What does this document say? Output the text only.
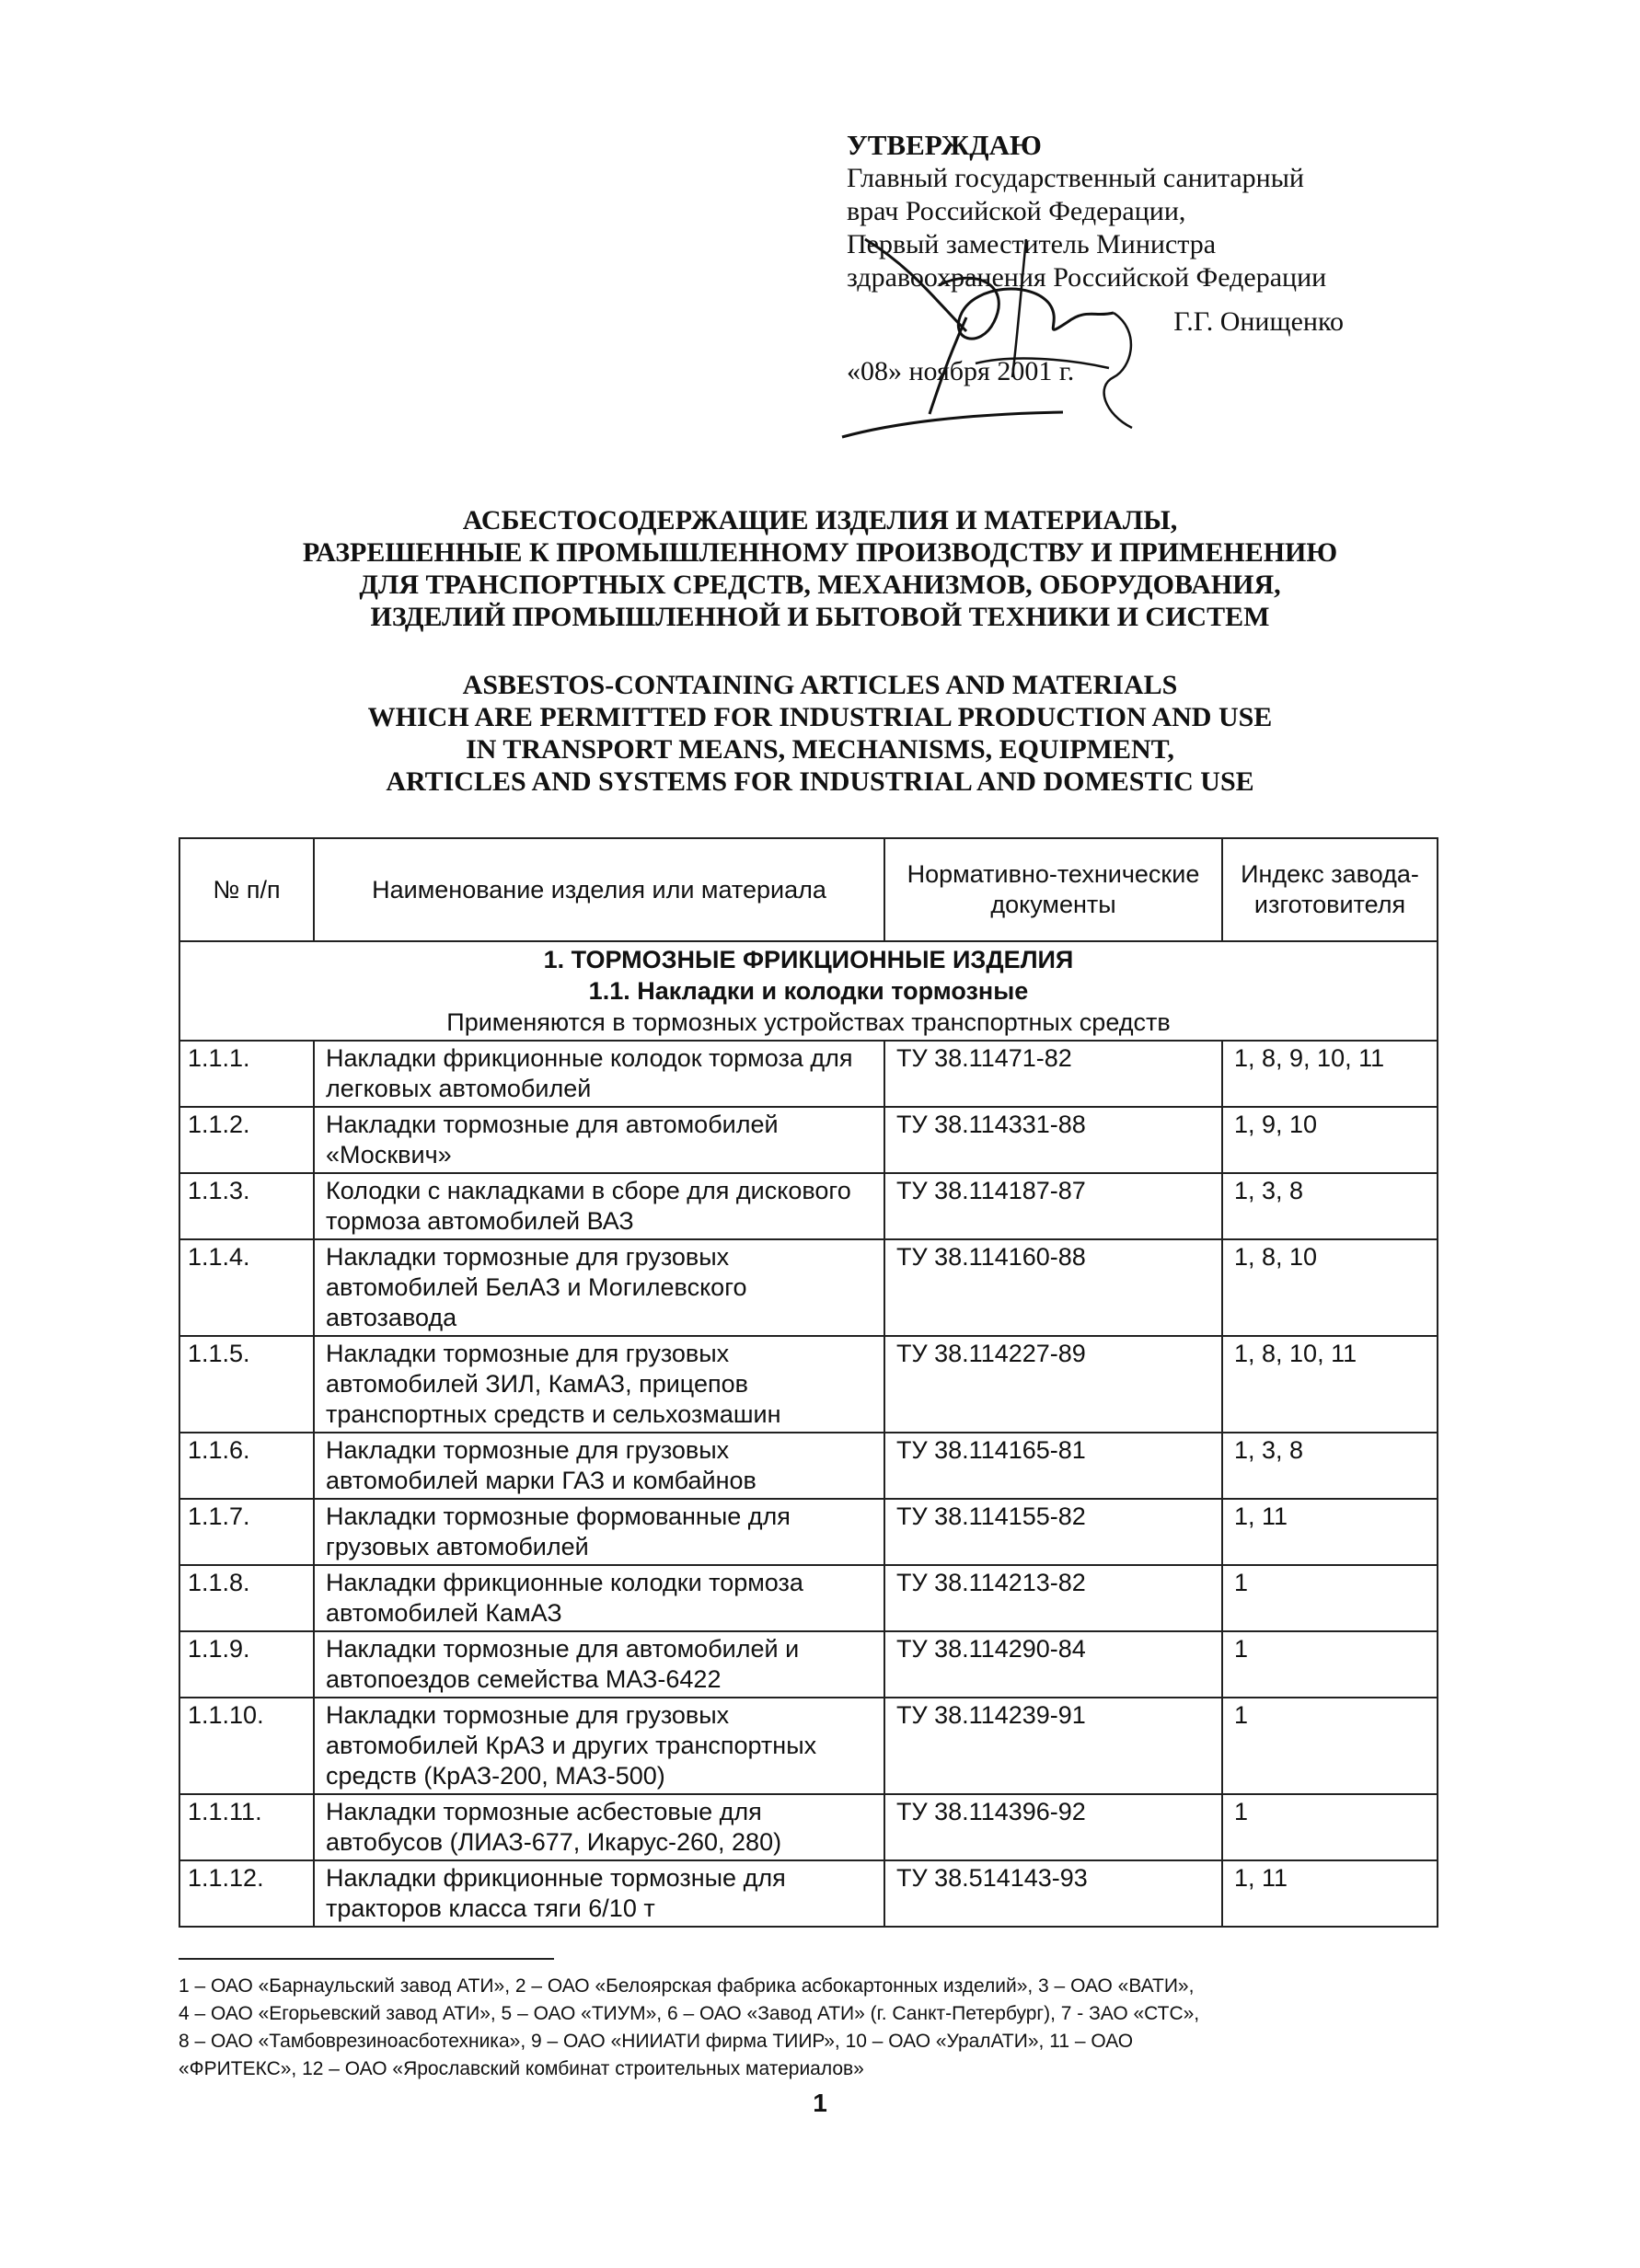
УТВЕРЖДАЮ
Главный государственный санитарный
врач Российской Федерации,
Первый заместитель Министра
здравоохранения Российской Федерации
Г.Г. Онищенко
«08» ноября 2001 г.
АСБЕСТОСОДЕРЖАЩИЕ ИЗДЕЛИЯ И МАТЕРИАЛЫ,
РАЗРЕШЕННЫЕ К ПРОМЫШЛЕННОМУ ПРОИЗВОДСТВУ И ПРИМЕНЕНИЮ
ДЛЯ ТРАНСПОРТНЫХ СРЕДСТВ, МЕХАНИЗМОВ, ОБОРУДОВАНИЯ,
ИЗДЕЛИЙ ПРОМЫШЛЕННОЙ И БЫТОВОЙ ТЕХНИКИ И СИСТЕМ
ASBESTOS-CONTAINING ARTICLES AND MATERIALS
WHICH ARE PERMITTED FOR INDUSTRIAL PRODUCTION AND USE
IN TRANSPORT MEANS, MECHANISMS, EQUIPMENT,
ARTICLES AND SYSTEMS FOR INDUSTRIAL AND DOMESTIC USE
№ п/п	Наименование изделия или материала	Нормативно-технические документы	Индекс завода-изготовителя

1. ТОРМОЗНЫЕ ФРИКЦИОННЫЕ ИЗДЕЛИЯ
1.1. Накладки и колодки тормозные
Применяются в тормозных устройствах транспортных средств			

1.1.1.	Накладки фрикционные колодок тормоза для легковых автомобилей	ТУ 38.11471-82	1, 8, 9, 10, 11
1.1.2.	Накладки тормозные для автомобилей «Москвич»	ТУ 38.114331-88	1, 9, 10
1.1.3.	Колодки с накладками в сборе для дискового тормоза автомобилей ВАЗ	ТУ 38.114187-87	1, 3, 8
1.1.4.	Накладки тормозные для грузовых автомобилей БелАЗ и Могилевского автозавода	ТУ 38.114160-88	1, 8, 10
1.1.5.	Накладки тормозные для грузовых автомобилей ЗИЛ, КамАЗ, прицепов транспортных средств и сельхозмашин	ТУ 38.114227-89	1, 8, 10, 11
1.1.6.	Накладки тормозные для грузовых автомобилей марки ГАЗ и комбайнов	ТУ 38.114165-81	1, 3, 8
1.1.7.	Накладки тормозные формованные для грузовых автомобилей	ТУ 38.114155-82	1, 11
1.1.8.	Накладки фрикционные колодки тормоза автомобилей КамАЗ	ТУ 38.114213-82	1
1.1.9.	Накладки тормозные для автомобилей и автопоездов семейства МАЗ-6422	ТУ 38.114290-84	1
1.1.10.	Накладки тормозные для грузовых автомобилей КрАЗ и других транспортных средств (КрАЗ-200, МАЗ-500)	ТУ 38.114239-91	1
1.1.11.	Накладки тормозные асбестовые для автобусов (ЛИАЗ-677, Икарус-260, 280)	ТУ 38.114396-92	1
1.1.12.	Накладки фрикционные тормозные для тракторов класса тяги 6/10 т	ТУ 38.514143-93	1, 11
1 – ОАО «Барнаульский завод АТИ», 2 – ОАО «Белоярская фабрика асбокартонных изделий», 3 – ОАО «ВАТИ»,
4 – ОАО «Егорьевский завод АТИ», 5 – ОАО «ТИУМ», 6 – ОАО «Завод АТИ» (г. Санкт-Петербург), 7 - ЗАО «СТС»,
8 – ОАО «Тамбоврезиноасботехника», 9 – ОАО «НИИАТИ фирма ТИИР», 10 – ОАО «УралАТИ», 11 – ОАО
«ФРИТЕКС», 12 – ОАО «Ярославский комбинат строительных материалов»
1
